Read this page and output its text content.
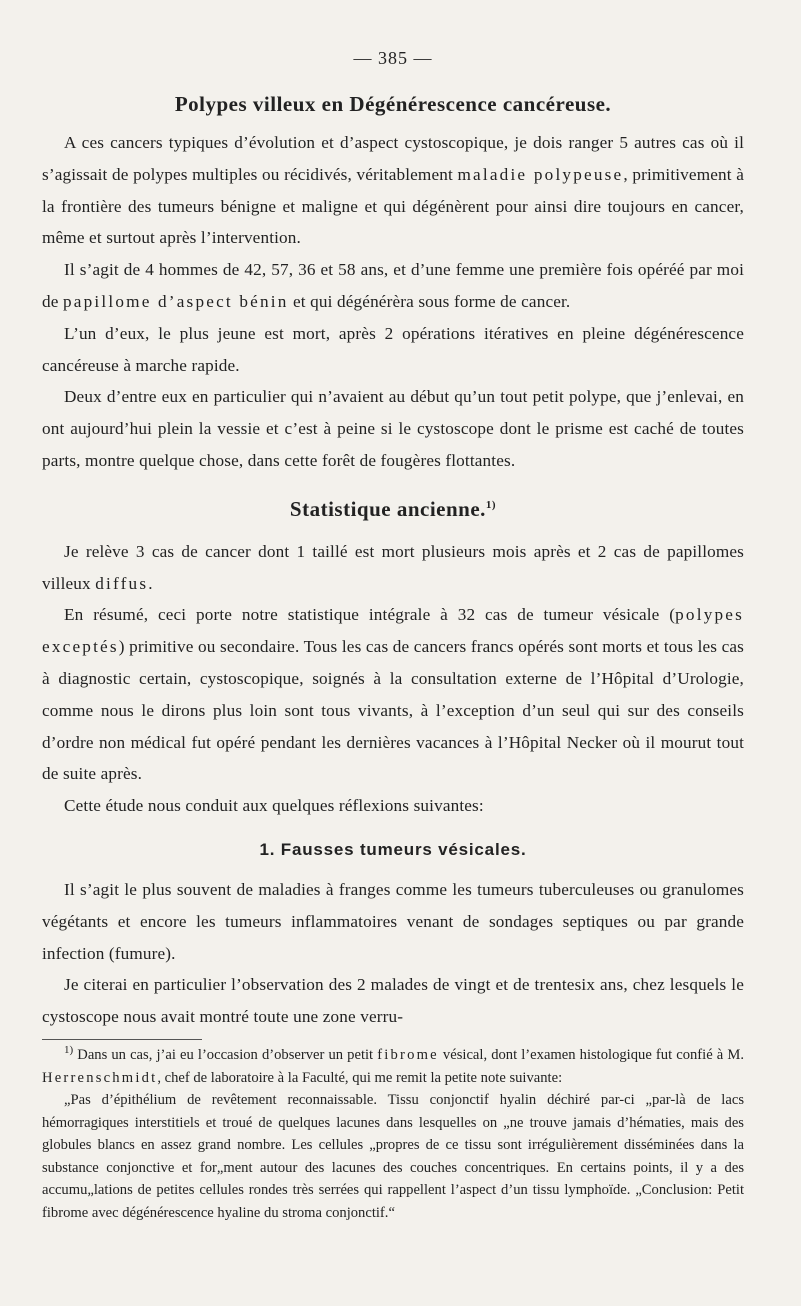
— 385 —
Polypes villeux en Dégénérescence cancéreuse.

A ces cancers typiques d’évolution et d’aspect cystoscopique, je dois ranger 5 autres cas où il s’agissait de polypes multiples ou récidivés, véritablement maladie polypeuse, primitivement à la frontière des tumeurs bénigne et maligne et qui dégénèrent pour ainsi dire toujours en cancer, même et surtout après l’intervention.

Il s’agit de 4 hommes de 42, 57, 36 et 58 ans, et d’une femme une première fois opéréé par moi de papillome d’aspect bénin et qui dégénérèra sous forme de cancer.

L’un d’eux, le plus jeune est mort, après 2 opérations itératives en pleine dégénérescence cancéreuse à marche rapide.

Deux d’entre eux en particulier qui n’avaient au début qu’un tout petit polype, que j’enlevai, en ont aujourd’hui plein la vessie et c’est à peine si le cystoscope dont le prisme est caché de toutes parts, montre quelque chose, dans cette forêt de fougères flottantes.

Statistique ancienne.$^{1)}$

Je relève 3 cas de cancer dont 1 taillé est mort plusieurs mois après et 2 cas de papillomes villeux diffus.

En résumé, ceci porte notre statistique intégrale à 32 cas de tumeur vésicale (polypes exceptés) primitive ou secondaire. Tous les cas de cancers francs opérés sont morts et tous les cas à diagnostic certain, cystoscopique, soignés à la consultation externe de l’Hôpital d’Urologie, comme nous le dirons plus loin sont tous vivants, à l’exception d’un seul qui sur des conseils d’ordre non médical fut opéré pendant les dernières vacances à l’Hôpital Necker où il mourut tout de suite après.

Cette étude nous conduit aux quelques réflexions suivantes:

1. Fausses tumeurs vésicales.

Il s’agit le plus souvent de maladies à franges comme les tumeurs tuberculeuses ou granulomes végétants et encore les tumeurs inflammatoires venant de sondages septiques ou par grande infection (fumure).

Je citerai en particulier l’observation des 2 malades de vingt et de trentesix ans, chez lesquels le cystoscope nous avait montré toute une zone verru-

$^{1)}$ Dans un cas, j’ai eu l’occasion d’observer un petit fibrome vésical, dont l’examen histologique fut confié à M. Herrenschmidt, chef de laboratoire à la Faculté, qui me remit la petite note suivante:

„Pas d’épithélium de revêtement reconnaissable. Tissu conjonctif hyalin déchiré par-ci „par-là de lacs hémorragiques interstitiels et troué de quelques lacunes dans lesquelles on „ne trouve jamais d’hématies, mais des globules blancs en assez grand nombre. Les cellules „propres de ce tissu sont irrégulièrement disséminées dans la substance conjonctive et for„ment autour des lacunes des couches concentriques. En certains points, il y a des accumu„lations de petites cellules rondes très serrées qui rappellent l’aspect d’un tissu lymphoïde. „Conclusion: Petit fibrome avec dégénérescence hyaline du stroma conjonctif.“
